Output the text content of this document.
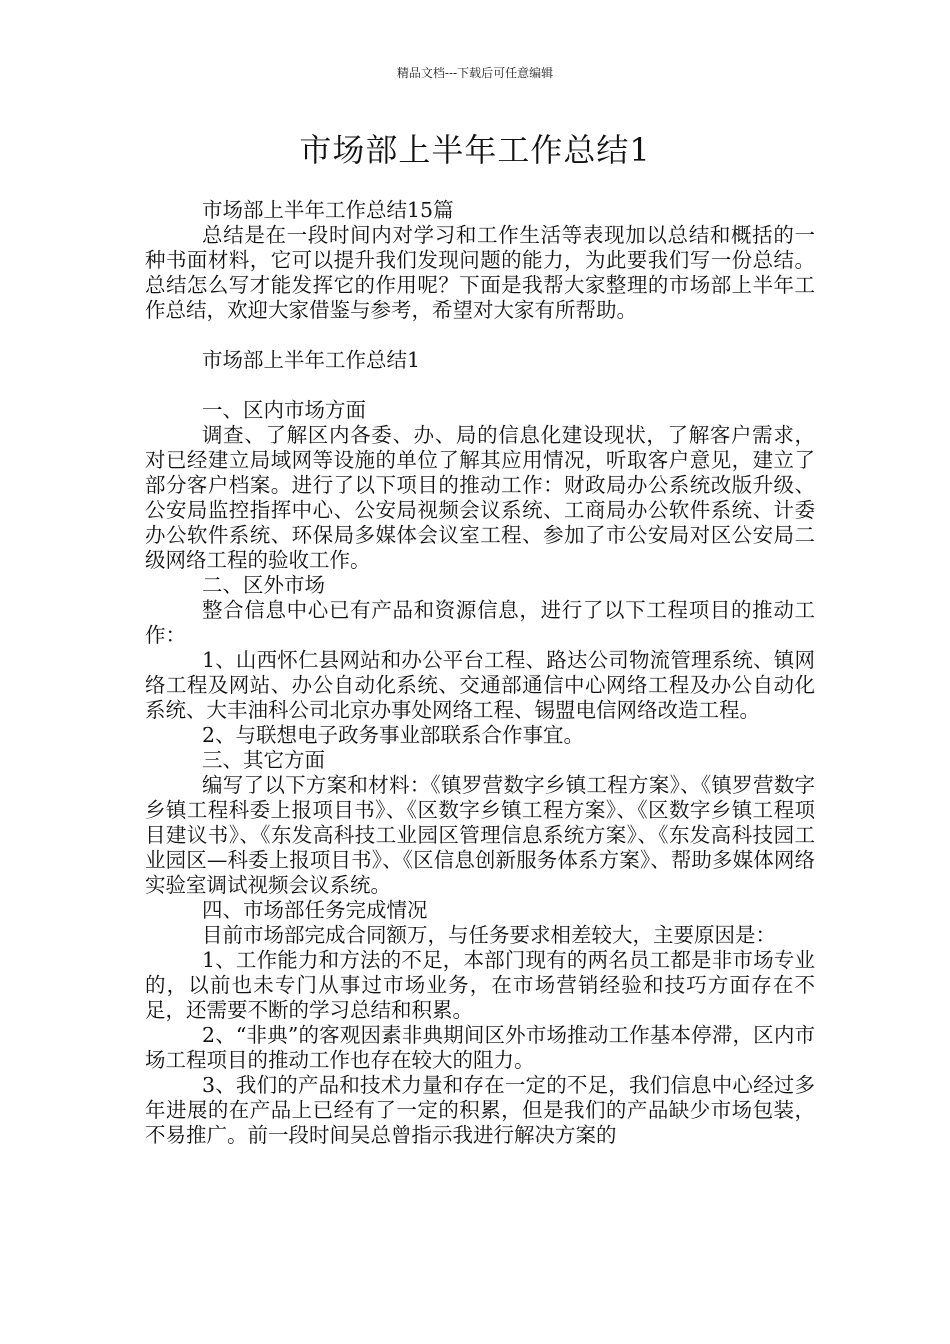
精品文档---下载后可任意编辑
市场部上半年工作总结1

市场部上半年工作总结15篇

总结是在一段时间内对学习和工作生活等表现加以总结和概括的一种书面材料，它可以提升我们发现问题的能力，为此要我们写一份总结。总结怎么写才能发挥它的作用呢？下面是我帮大家整理的市场部上半年工作总结，欢迎大家借鉴与参考，希望对大家有所帮助。

市场部上半年工作总结1

一、区内市场方面

调查、了解区内各委、办、局的信息化建设现状，了解客户需求，对已经建立局域网等设施的单位了解其应用情况，听取客户意见，建立了部分客户档案。进行了以下项目的推动工作：财政局办公系统改版升级、公安局监控指挥中心、公安局视频会议系统、工商局办公软件系统、计委办公软件系统、环保局多媒体会议室工程、参加了市公安局对区公安局二级网络工程的验收工作。

二、区外市场

整合信息中心已有产品和资源信息，进行了以下工程项目的推动工作：

1、山西怀仁县网站和办公平台工程、路达公司物流管理系统、镇网络工程及网站、办公自动化系统、交通部通信中心网络工程及办公自动化系统、大丰油科公司北京办事处网络工程、锡盟电信网络改造工程。

2、与联想电子政务事业部联系合作事宜。

三、其它方面

编写了以下方案和材料：《镇罗营数字乡镇工程方案》、《镇罗营数字乡镇工程科委上报项目书》、《区数字乡镇工程方案》、《区数字乡镇工程项目建议书》、《东发高科技工业园区管理信息系统方案》、《东发高科技园工业园区—科委上报项目书》、《区信息创新服务体系方案》、帮助多媒体网络实验室调试视频会议系统。

四、市场部任务完成情况

目前市场部完成合同额万，与任务要求相差较大，主要原因是：

1、工作能力和方法的不足，本部门现有的两名员工都是非市场专业的，以前也未专门从事过市场业务，在市场营销经验和技巧方面存在不足，还需要不断的学习总结和积累。

2、“非典”的客观因素非典期间区外市场推动工作基本停滞，区内市场工程项目的推动工作也存在较大的阻力。

3、我们的产品和技术力量和存在一定的不足，我们信息中心经过多年进展的在产品上已经有了一定的积累，但是我们的产品缺少市场包装，不易推广。前一段时间吴总曾指示我进行解决方案的
